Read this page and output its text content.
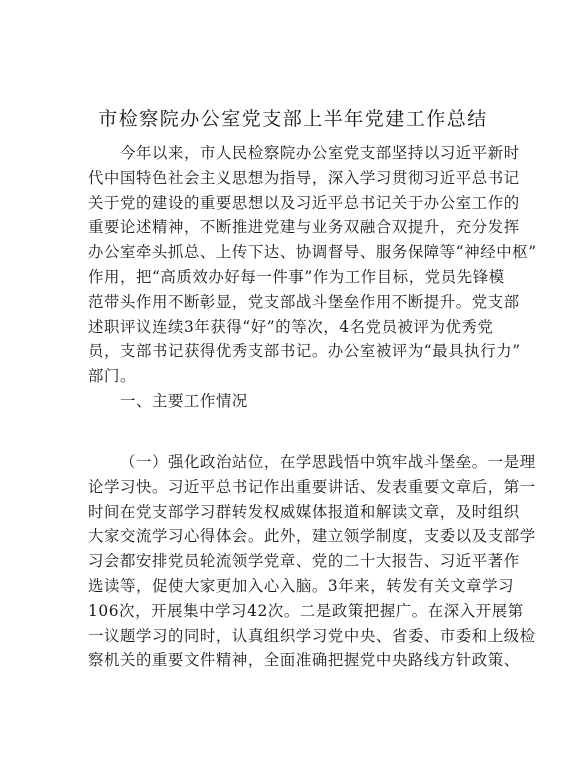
市检察院办公室党支部上半年党建工作总结
今年以来，市人民检察院办公室党支部坚持以习近平新时
代中国特色社会主义思想为指导，深入学习贯彻习近平总书记
关于党的建设的重要思想以及习近平总书记关于办公室工作的
重要论述精神，不断推进党建与业务双融合双提升，充分发挥
办公室牵头抓总、上传下达、协调督导、服务保障等“神经中枢”
作用，把“高质效办好每一件事”作为工作目标，党员先锋模
范带头作用不断彰显，党支部战斗堡垒作用不断提升。党支部
述职评议连续3年获得“好”的等次，4名党员被评为优秀党
员，支部书记获得优秀支部书记。办公室被评为“最具执行力”
部门。
一、主要工作情况
（一）强化政治站位，在学思践悟中筑牢战斗堡垒。一是理
论学习快。习近平总书记作出重要讲话、发表重要文章后，第一
时间在党支部学习群转发权威媒体报道和解读文章，及时组织
大家交流学习心得体会。此外，建立领学制度，支委以及支部学
习会都安排党员轮流领学党章、党的二十大报告、习近平著作
选读等，促使大家更加入心入脑。3年来，转发有关文章学习
106次，开展集中学习42次。二是政策把握广。在深入开展第
一议题学习的同时，认真组织学习党中央、省委、市委和上级检
察机关的重要文件精神，全面准确把握党中央路线方针政策、
